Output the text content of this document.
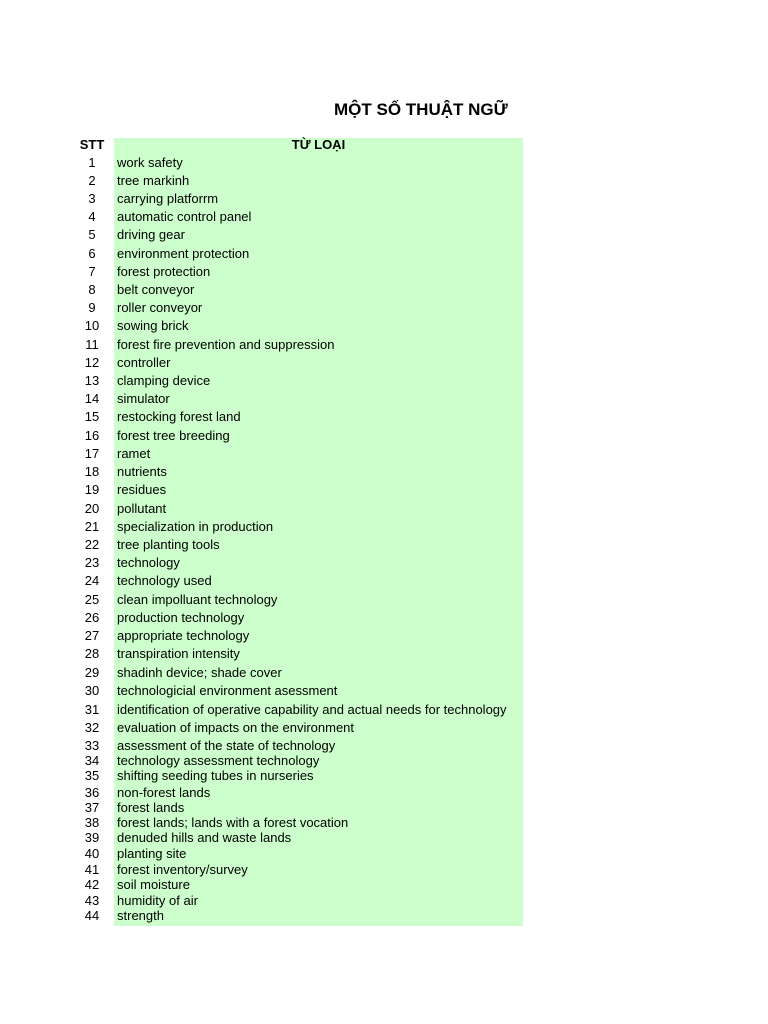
MỘT SỐ THUẬT NGỮ
STT	TỪ LOẠI
1	work safety
2	tree markinh
3	carrying platforrm
4	automatic control panel
5	driving gear
6	environment protection
7	forest protection
8	belt conveyor
9	roller conveyor
10	sowing brick
11	forest fire prevention and suppression
12	controller
13	clamping device
14	simulator
15	restocking forest land
16	forest tree breeding
17	ramet
18	nutrients
19	residues
20	pollutant
21	specialization in production
22	tree planting tools
23	technology
24	technology used
25	clean impolluant technology
26	production technology
27	appropriate technology
28	transpiration intensity
29	shadinh device; shade cover
30	technologicial environment asessment
31	identification of operative capability and actual needs for technology
32	evaluation of impacts on the environment
33	assessment of the state of technology
34	technology assessment technology
35	shifting seeding tubes in nurseries
36	non-forest lands
37	forest lands
38	forest lands; lands with a forest vocation
39	denuded hills and waste lands
40	planting site
41	forest inventory/survey
42	soil moisture
43	humidity of air
44	strength
